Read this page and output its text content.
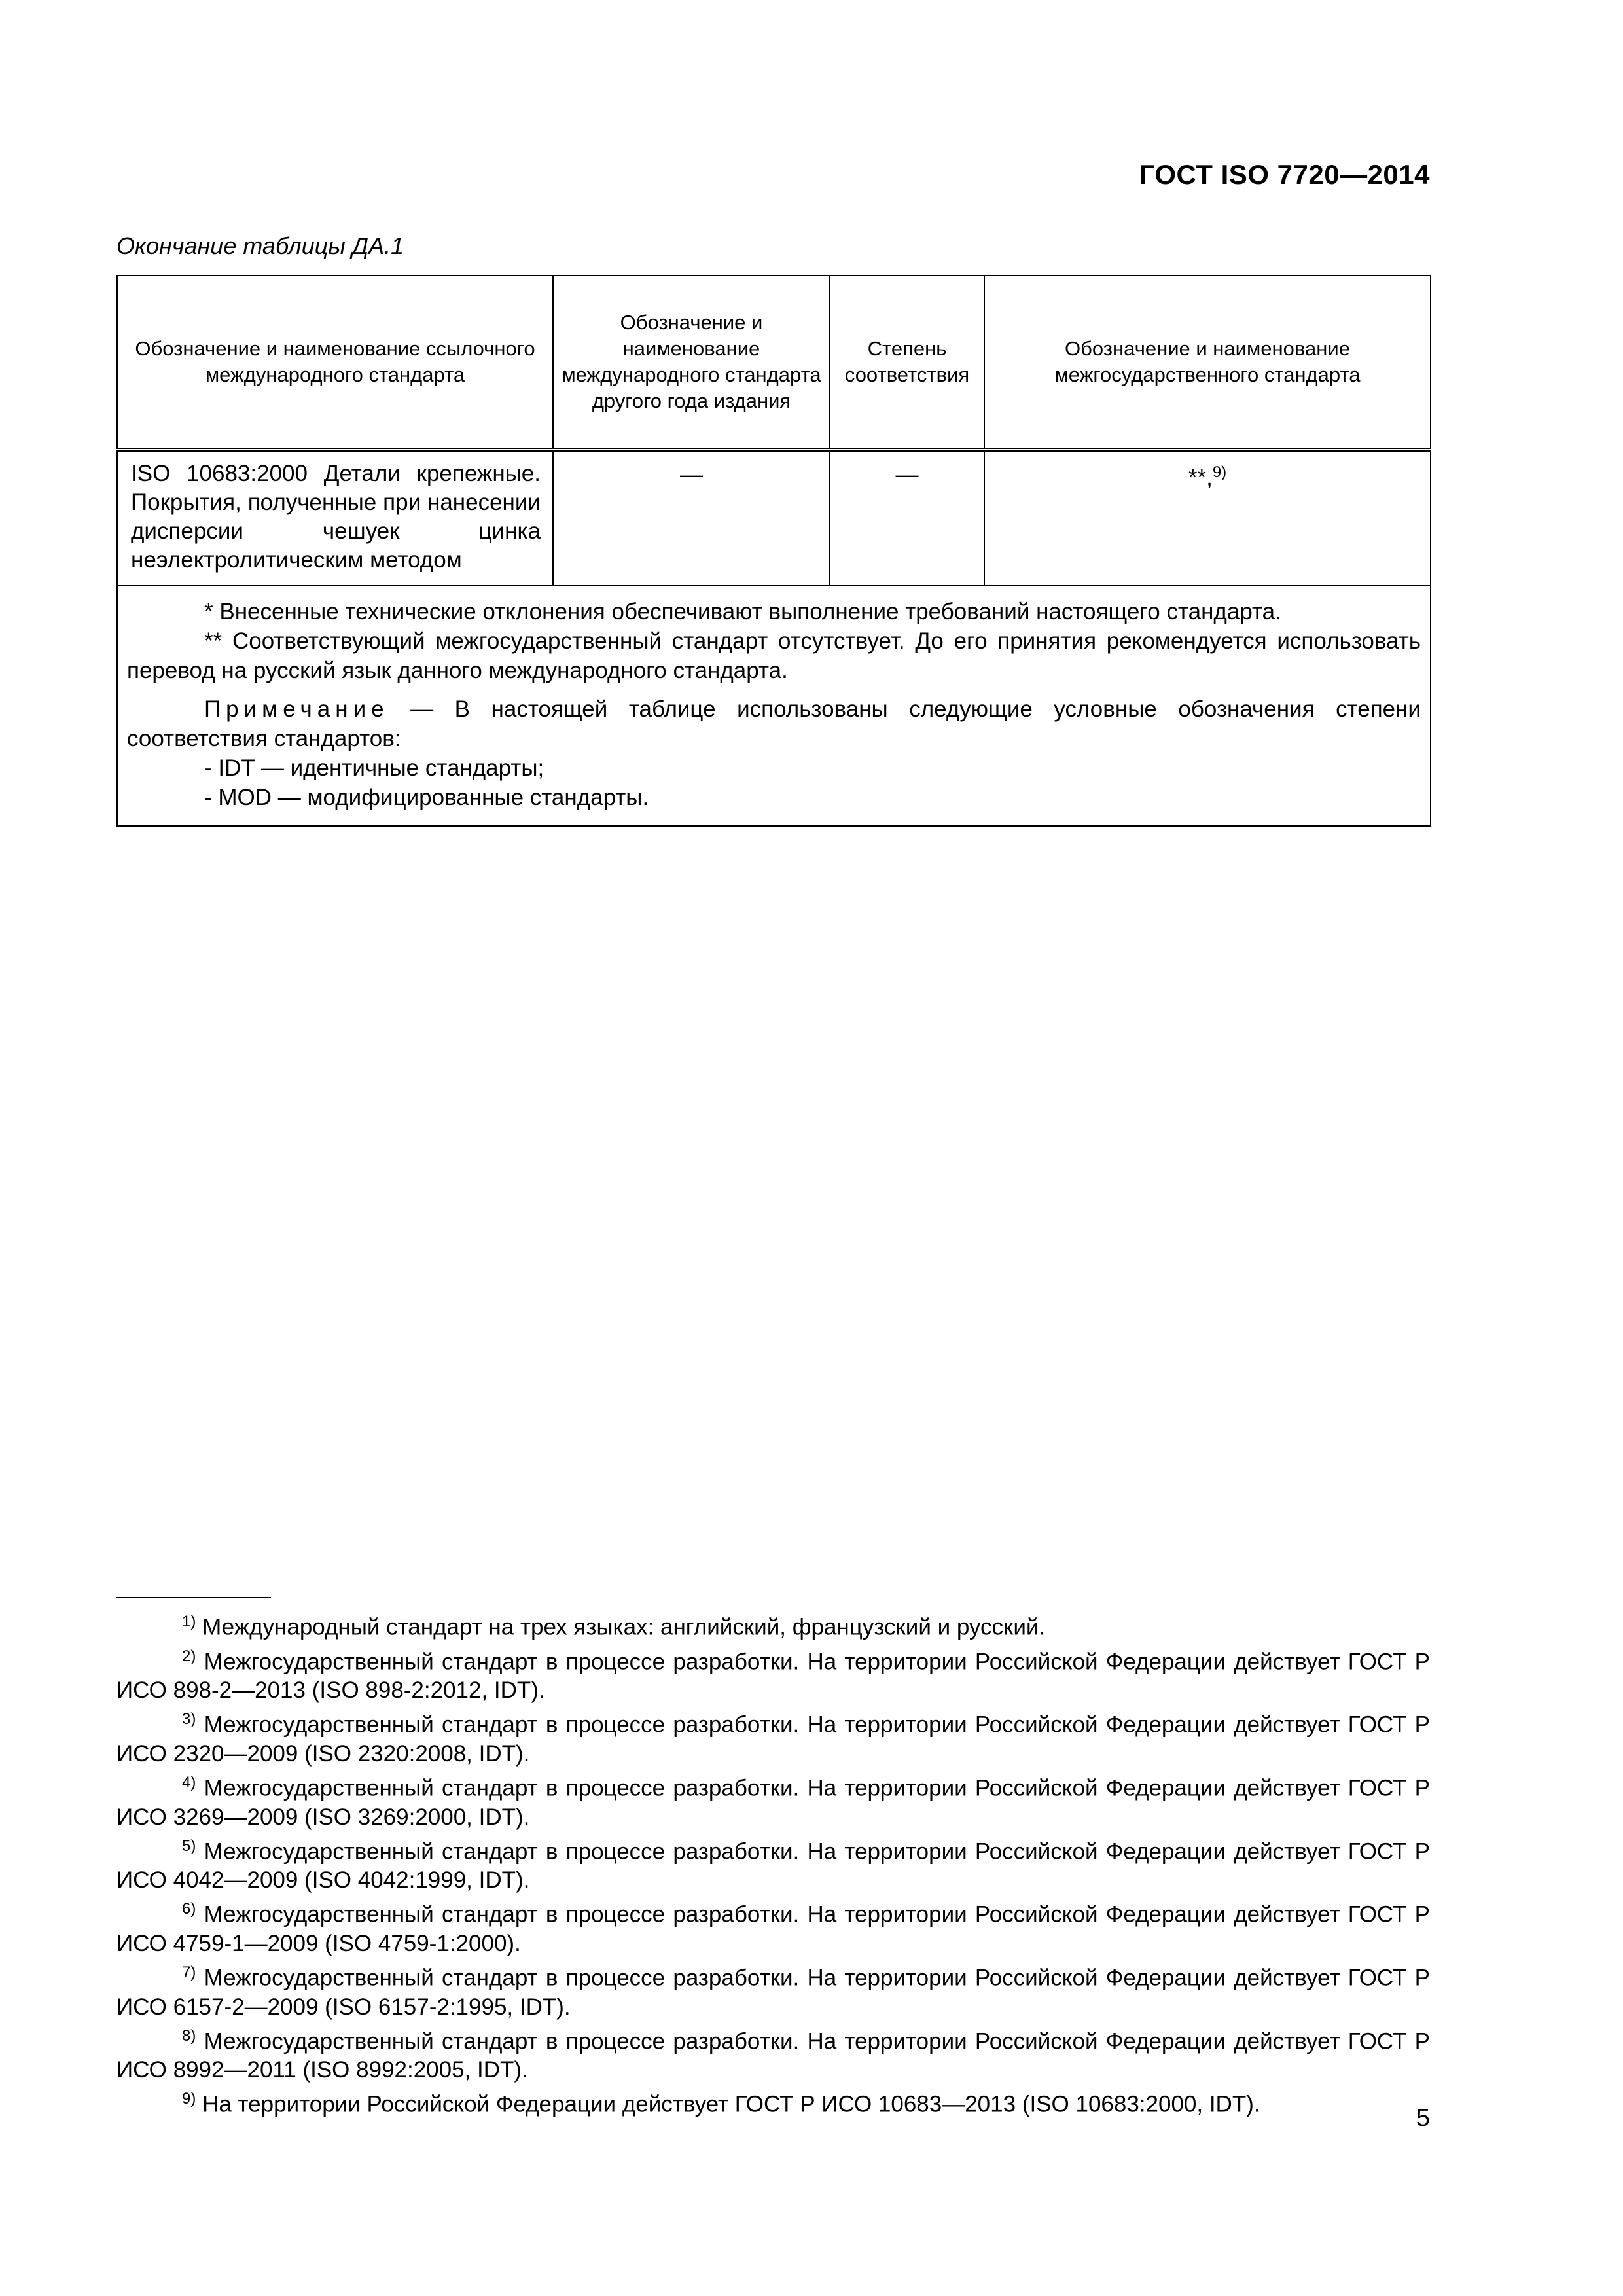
ГОСТ ISO 7720—2014
Окончание таблицы ДА.1
Обозначение и наименование ссылочного международного стандарта	Обозначение и наименование международного стандарта другого года издания	Степень соответствия	Обозначение и наименование межгосударственного стандарта
ISO 10683:2000 Детали крепежные. Покрытия, полученные при нанесении дисперсии чешуек цинка неэлектролитическим методом	—	—	**,$^{9)}$

* Внесенные технические отклонения обеспечивают выполнение требований настоящего стандарта.

** Соответствующий межгосударственный стандарт отсутствует. До его принятия рекомендуется использовать перевод на русский язык данного международного стандарта.

Примечание — В настоящей таблице использованы следующие условные обозначения степени соответствия стандартов:

- IDT — идентичные стандарты;

- MOD — модифицированные стандарты.			

$^{1)}$ Международный стандарт на трех языках: английский, французский и русский.

$^{2)}$ Межгосударственный стандарт в процессе разработки. На территории Российской Федерации действует ГОСТ Р ИСО 898-2—2013 (ISO 898-2:2012, IDT).

$^{3)}$ Межгосударственный стандарт в процессе разработки. На территории Российской Федерации действует ГОСТ Р ИСО 2320—2009 (ISO 2320:2008, IDT).

$^{4)}$ Межгосударственный стандарт в процессе разработки. На территории Российской Федерации действует ГОСТ Р ИСО 3269—2009 (ISO 3269:2000, IDT).

$^{5)}$ Межгосударственный стандарт в процессе разработки. На территории Российской Федерации действует ГОСТ Р ИСО 4042—2009 (ISO 4042:1999, IDT).

$^{6)}$ Межгосударственный стандарт в процессе разработки. На территории Российской Федерации действует ГОСТ Р ИСО 4759-1—2009 (ISO 4759-1:2000).

$^{7)}$ Межгосударственный стандарт в процессе разработки. На территории Российской Федерации действует ГОСТ Р ИСО 6157-2—2009 (ISO 6157-2:1995, IDT).

$^{8)}$ Межгосударственный стандарт в процессе разработки. На территории Российской Федерации действует ГОСТ Р ИСО 8992—2011 (ISO 8992:2005, IDT).

$^{9)}$ На территории Российской Федерации действует ГОСТ Р ИСО 10683—2013 (ISO 10683:2000, IDT).	5
